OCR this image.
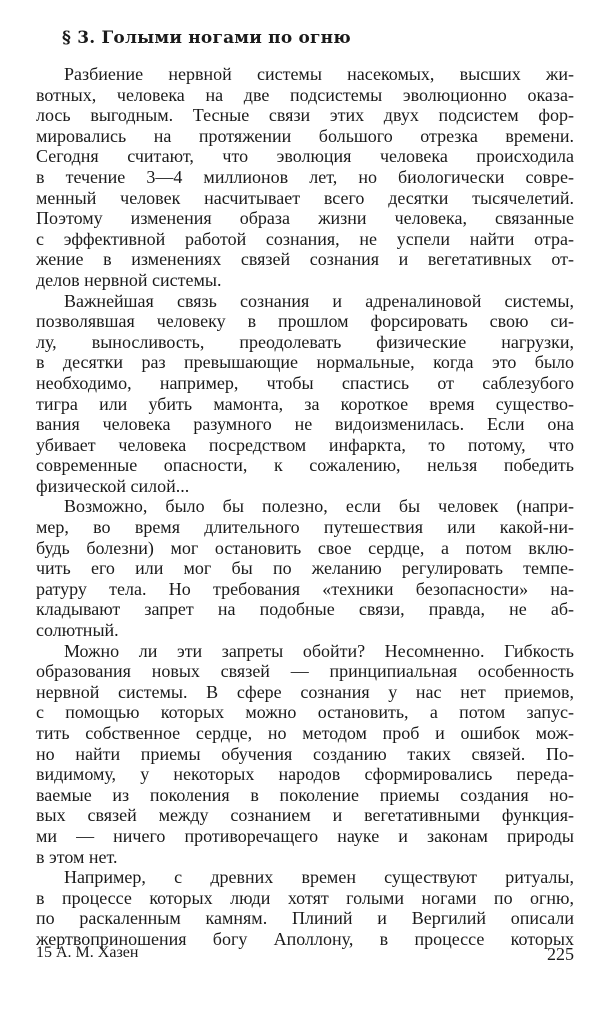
§ 3. Голыми ногами по огню
Разбиение нервной системы насекомых, высших жи-
вотных, человека на две подсистемы эволюционно оказа-
лось выгодным. Тесные связи этих двух подсистем фор-
мировались на протяжении большого отрезка времени.
Сегодня считают, что эволюция человека происходила
в течение 3—4 миллионов лет, но биологически совре-
менный человек насчитывает всего десятки тысячелетий.
Поэтому изменения образа жизни человека, связанные
с эффективной работой сознания, не успели найти отра-
жение в изменениях связей сознания и вегетативных от-
делов нервной системы.
Важнейшая связь сознания и адреналиновой системы,
позволявшая человеку в прошлом форсировать свою си-
лу, выносливость, преодолевать физические нагрузки,
в десятки раз превышающие нормальные, когда это было
необходимо, например, чтобы спастись от саблезубого
тигра или убить мамонта, за короткое время существо-
вания человека разумного не видоизменилась. Если она
убивает человека посредством инфаркта, то потому, что
современные опасности, к сожалению, нельзя победить
физической силой...
Возможно, было бы полезно, если бы человек (напри-
мер, во время длительного путешествия или какой-ни-
будь болезни) мог остановить свое сердце, а потом вклю-
чить его или мог бы по желанию регулировать темпе-
ратуру тела. Но требования «техники безопасности» на-
кладывают запрет на подобные связи, правда, не аб-
солютный.
Можно ли эти запреты обойти? Несомненно. Гибкость
образования новых связей — принципиальная особенность
нервной системы. В сфере сознания у нас нет приемов,
с помощью которых можно остановить, а потом запус-
тить собственное сердце, но методом проб и ошибок мож-
но найти приемы обучения созданию таких связей. По-
видимому, у некоторых народов сформировались переда-
ваемые из поколения в поколение приемы создания но-
вых связей между сознанием и вегетативными функция-
ми — ничего противоречащего науке и законам природы
в этом нет.
Например, с древних времен существуют ритуалы,
в процессе которых люди хотят голыми ногами по огню,
по раскаленным камням. Плиний и Вергилий описали
жертвоприношения богу Аполлону, в процессе которых
15 А. М. Хазен	225
